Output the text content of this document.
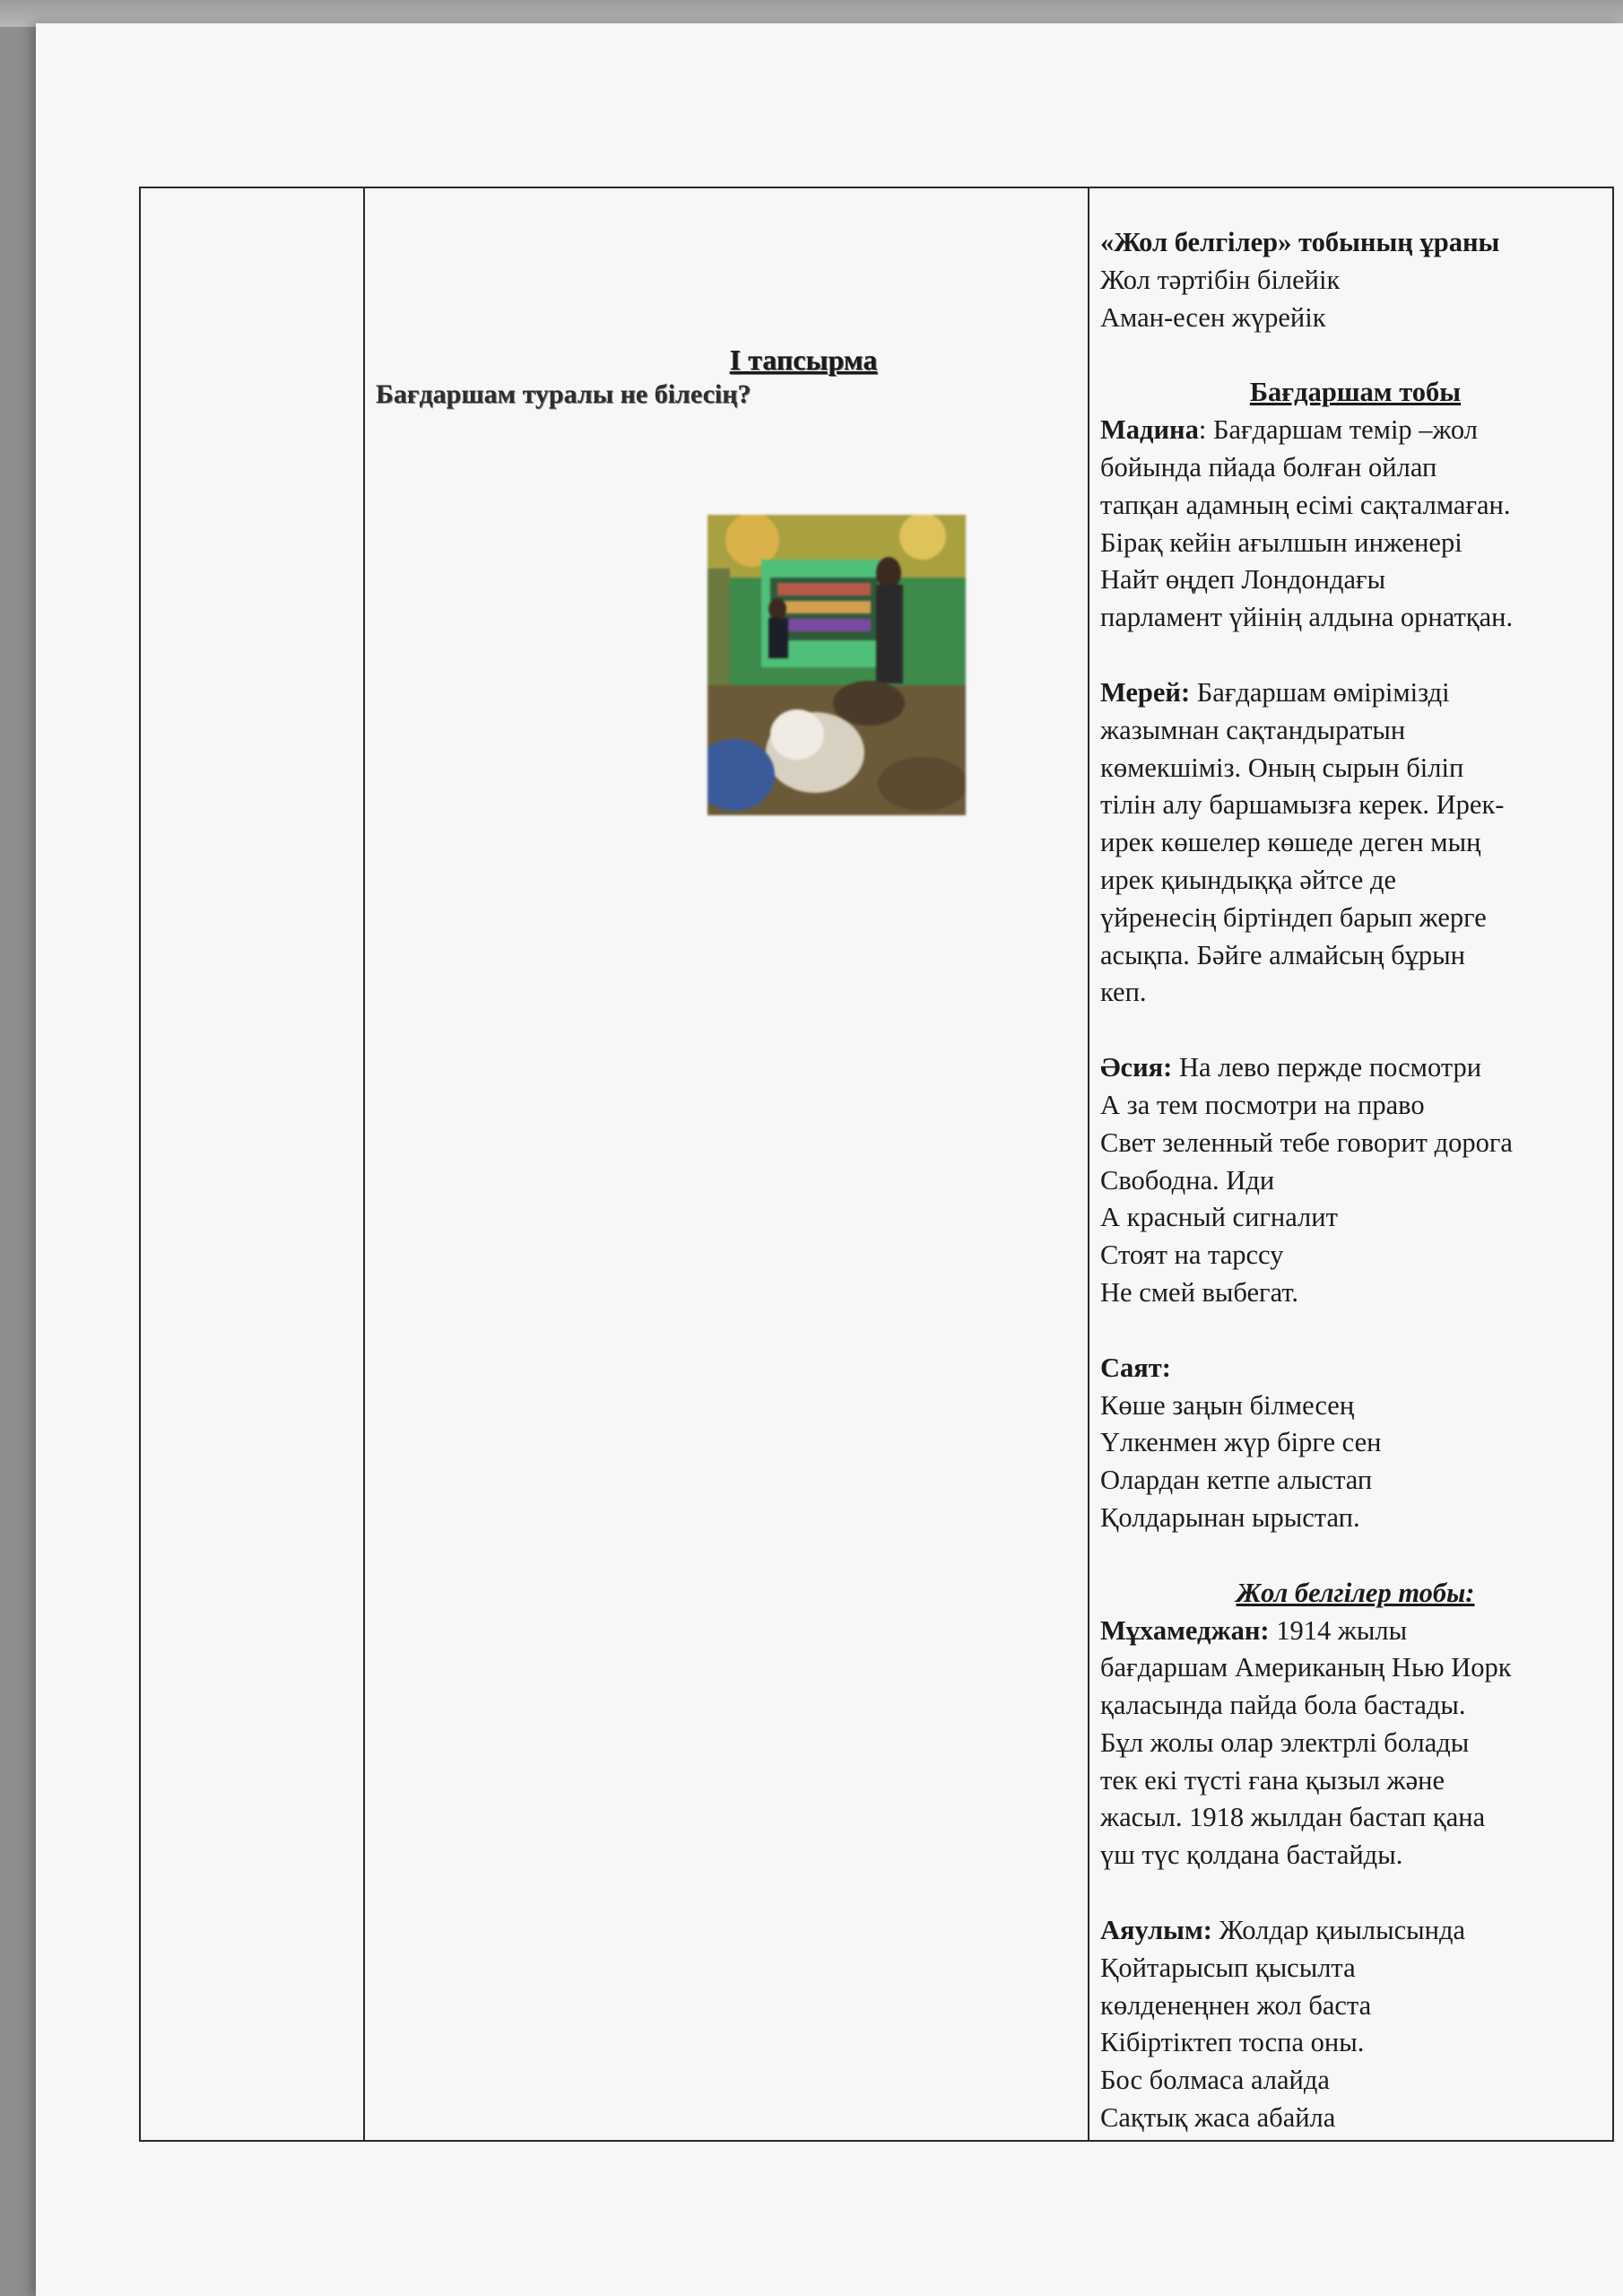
І тапсырма
Бағдаршам туралы не білесің?

«Жол белгілер» тобының ұраны

Жол тәртібін білейік

Аман-есен жүрейік

Бағдаршам тобы

Мадина: Бағдаршам темір –жол

бойында пйада болған ойлап

тапқан адамның есімі сақталмаған.

Бірақ кейін ағылшын инженері

Найт өңдеп Лондондағы

парламент үйінің алдына орнатқан.

Мерей: Бағдаршам өміріміздi

жазымнан сақтандыратын

көмекшіміз. Оның сырын біліп

тілін алу баршамызға керек. Ирек-

ирек көшелер көшеде деген мың

ирек қиындыққа әйтсе де

үйренесің біртіндеп барып жерге

асықпа. Бәйге алмайсың бұрын

кеп.

Әсия: На лево пержде посмотри

А за тем посмотри на право

Свет зеленный тебе говорит дорога

Свободна. Иди

А красный сигналит

Стоят на тарссу

Не смей выбегат.

Саят:

Көше заңын білмесең

Үлкенмен жүр бірге сен

Олардан кетпе алыстап

Қолдарынан ырыстап.

Жол белгілер тобы:

Мұхамеджан: 1914 жылы

бағдаршам Американың Нью Иорк

қаласында пайда бола бастады.

Бұл жолы олар электрлі болады

тек екі түсті ғана қызыл және

жасыл. 1918 жылдан бастап қана

үш түс қолдана бастайды.

Аяулым: Жолдар қиылысында

Қойтарысып қысылта

көлденеңнен жол баста

Кібіртіктеп тоспа оны.

Бос болмаса алайда

Сақтық жаса абайла
